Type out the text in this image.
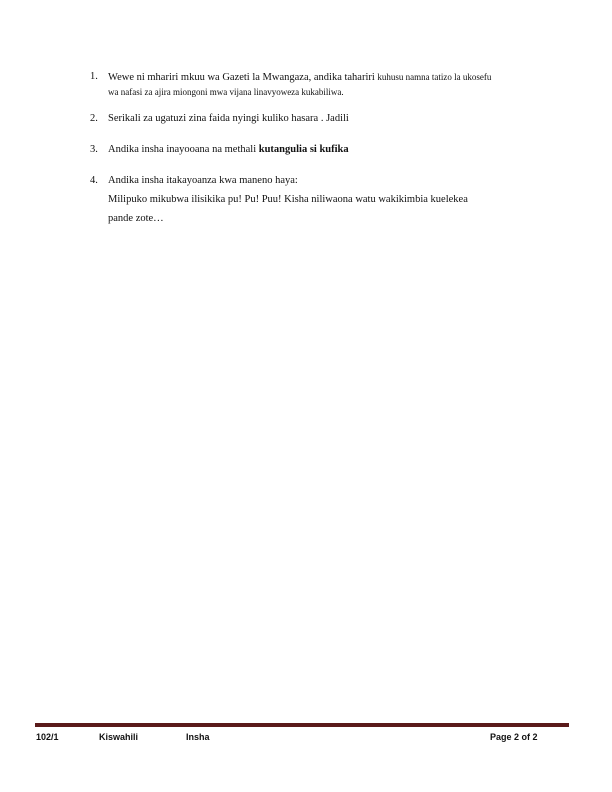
1. Wewe ni mhariri mkuu wa Gazeti la Mwangaza, andika tahariri kuhusu namna tatizo la ukosefu
wa nafasi za ajira miongoni mwa vijana linavyoweza kukabiliwa.
2. Serikali za ugatuzi zina faida nyingi kuliko hasara . Jadili
3. Andika insha inayooana na methali kutangulia si kufika
4. Andika insha itakayoanza kwa maneno haya:
Milipuko mikubwa ilisikika pu! Pu! Puu! Kisha niliwaona watu wakikimbia kuelekea
pande zote…
102/1	Kiswahili	Insha	Page 2 of 2
